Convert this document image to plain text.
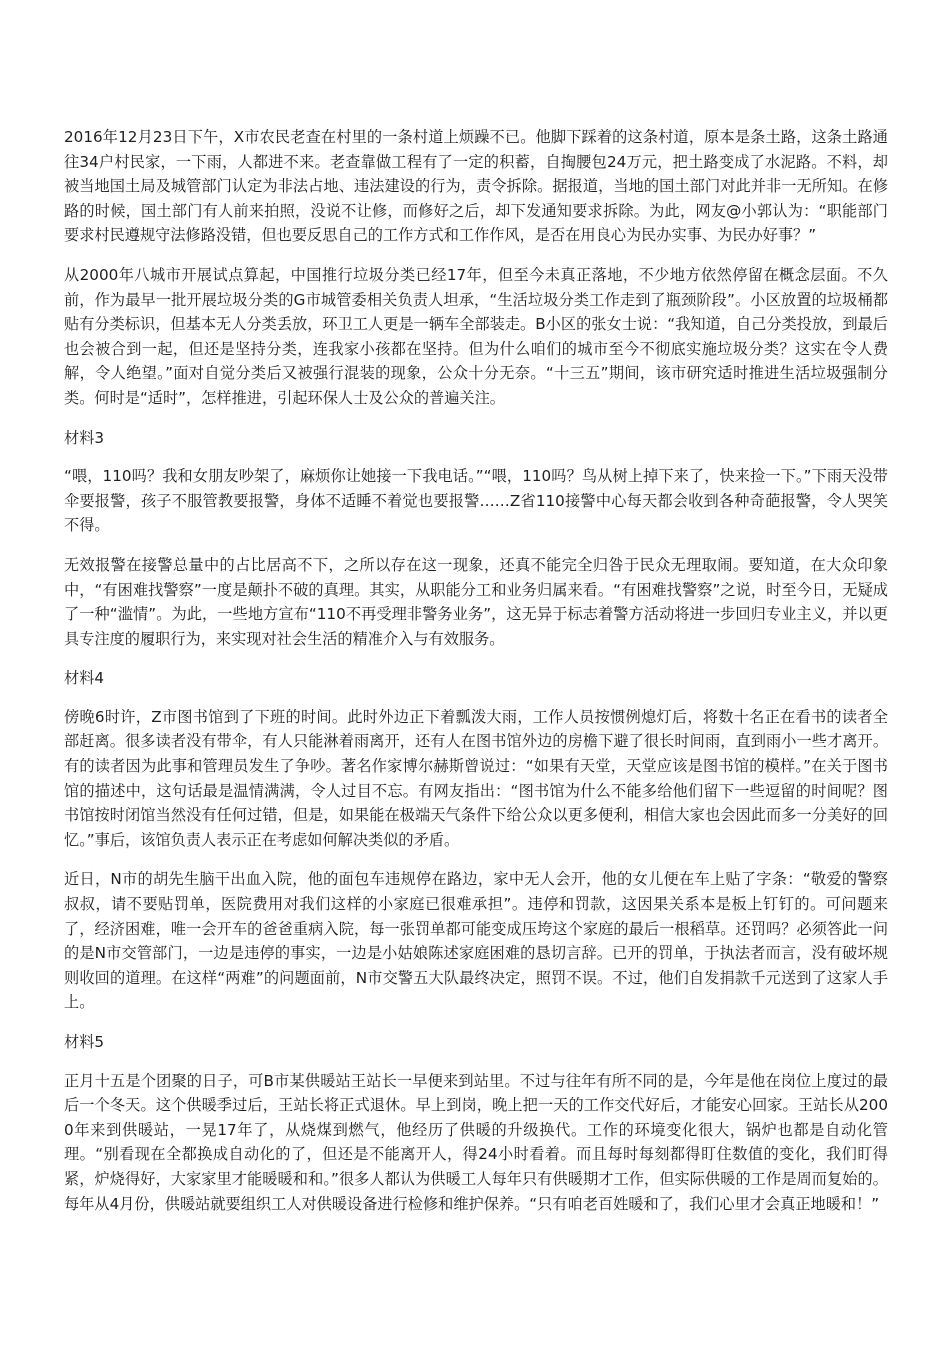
2016年12月23日下午，X市农民老查在村里的一条村道上烦躁不已。他脚下踩着的这条村道，原本是条土路，这条土路通往34户村民家，一下雨，人都进不来。老查靠做工程有了一定的积蓄，自掏腰包24万元，把土路变成了水泥路。不料，却被当地国土局及城管部门认定为非法占地、违法建设的行为，责令拆除。据报道，当地的国土部门对此并非一无所知。在修路的时候，国土部门有人前来拍照，没说不让修，而修好之后，却下发通知要求拆除。为此，网友@小郭认为：“职能部门要求村民遵规守法修路没错，但也要反思自己的工作方式和工作作风，是否在用良心为民办实事、为民办好事？”

从2000年八城市开展试点算起，中国推行垃圾分类已经17年，但至今未真正落地，不少地方依然停留在概念层面。不久前，作为最早一批开展垃圾分类的G市城管委相关负责人坦承，“生活垃圾分类工作走到了瓶颈阶段”。小区放置的垃圾桶都贴有分类标识，但基本无人分类丢放，环卫工人更是一辆车全部装走。B小区的张女士说：“我知道，自己分类投放，到最后也会被合到一起，但还是坚持分类，连我家小孩都在坚持。但为什么咱们的城市至今不彻底实施垃圾分类？这实在令人费解，令人绝望。”面对自觉分类后又被强行混装的现象，公众十分无奈。“十三五”期间，该市研究适时推进生活垃圾强制分类。何时是“适时”，怎样推进，引起环保人士及公众的普遍关注。

材料3

“喂，110吗？我和女朋友吵架了，麻烦你让她接一下我电话。”“喂，110吗？鸟从树上掉下来了，快来捡一下。”下雨天没带伞要报警，孩子不服管教要报警，身体不适睡不着觉也要报警……Z省110接警中心每天都会收到各种奇葩报警，令人哭笑不得。

无效报警在接警总量中的占比居高不下，之所以存在这一现象，还真不能完全归咎于民众无理取闹。要知道，在大众印象中，“有困难找警察”一度是颠扑不破的真理。其实，从职能分工和业务归属来看。“有困难找警察”之说，时至今日，无疑成了一种“滥情”。为此，一些地方宣布“110不再受理非警务业务”，这无异于标志着警方活动将进一步回归专业主义，并以更具专注度的履职行为，来实现对社会生活的精准介入与有效服务。

材料4

傍晚6时许，Z市图书馆到了下班的时间。此时外边正下着瓢泼大雨，工作人员按惯例熄灯后，将数十名正在看书的读者全部赶离。很多读者没有带伞，有人只能淋着雨离开，还有人在图书馆外边的房檐下避了很长时间雨，直到雨小一些才离开。有的读者因为此事和管理员发生了争吵。著名作家博尔赫斯曾说过：“如果有天堂，天堂应该是图书馆的模样。”在关于图书馆的描述中，这句话最是温情满满，令人过目不忘。有网友指出：“图书馆为什么不能多给他们留下一些逗留的时间呢？图书馆按时闭馆当然没有任何过错，但是，如果能在极端天气条件下给公众以更多便利，相信大家也会因此而多一分美好的回忆。”事后，该馆负责人表示正在考虑如何解决类似的矛盾。

近日，N市的胡先生脑干出血入院，他的面包车违规停在路边，家中无人会开，他的女儿便在车上贴了字条：“敬爱的警察叔叔，请不要贴罚单，医院费用对我们这样的小家庭已很难承担”。违停和罚款，这因果关系本是板上钉钉的。可问题来了，经济困难，唯一会开车的爸爸重病入院，每一张罚单都可能变成压垮这个家庭的最后一根稻草。还罚吗？必须答此一问的是N市交管部门，一边是违停的事实，一边是小姑娘陈述家庭困难的恳切言辞。已开的罚单，于执法者而言，没有破坏规则收回的道理。在这样“两难”的问题面前，N市交警五大队最终决定，照罚不误。不过，他们自发捐款千元送到了这家人手上。

材料5

正月十五是个团聚的日子，可B市某供暖站王站长一早便来到站里。不过与往年有所不同的是，今年是他在岗位上度过的最后一个冬天。这个供暖季过后，王站长将正式退休。早上到岗，晚上把一天的工作交代好后，才能安心回家。王站长从2000年来到供暖站，一晃17年了，从烧煤到燃气，他经历了供暖的升级换代。工作的环境变化很大，锅炉也都是自动化管理。“别看现在全都换成自动化的了，但还是不能离开人，得24小时看着。而且每时每刻都得盯住数值的变化，我们盯得紧，炉烧得好，大家家里才能暖暖和和。”很多人都认为供暖工人每年只有供暖期才工作，但实际供暖的工作是周而复始的。每年从4月份，供暖站就要组织工人对供暖设备进行检修和维护保养。“只有咱老百姓暖和了，我们心里才会真正地暖和！”
